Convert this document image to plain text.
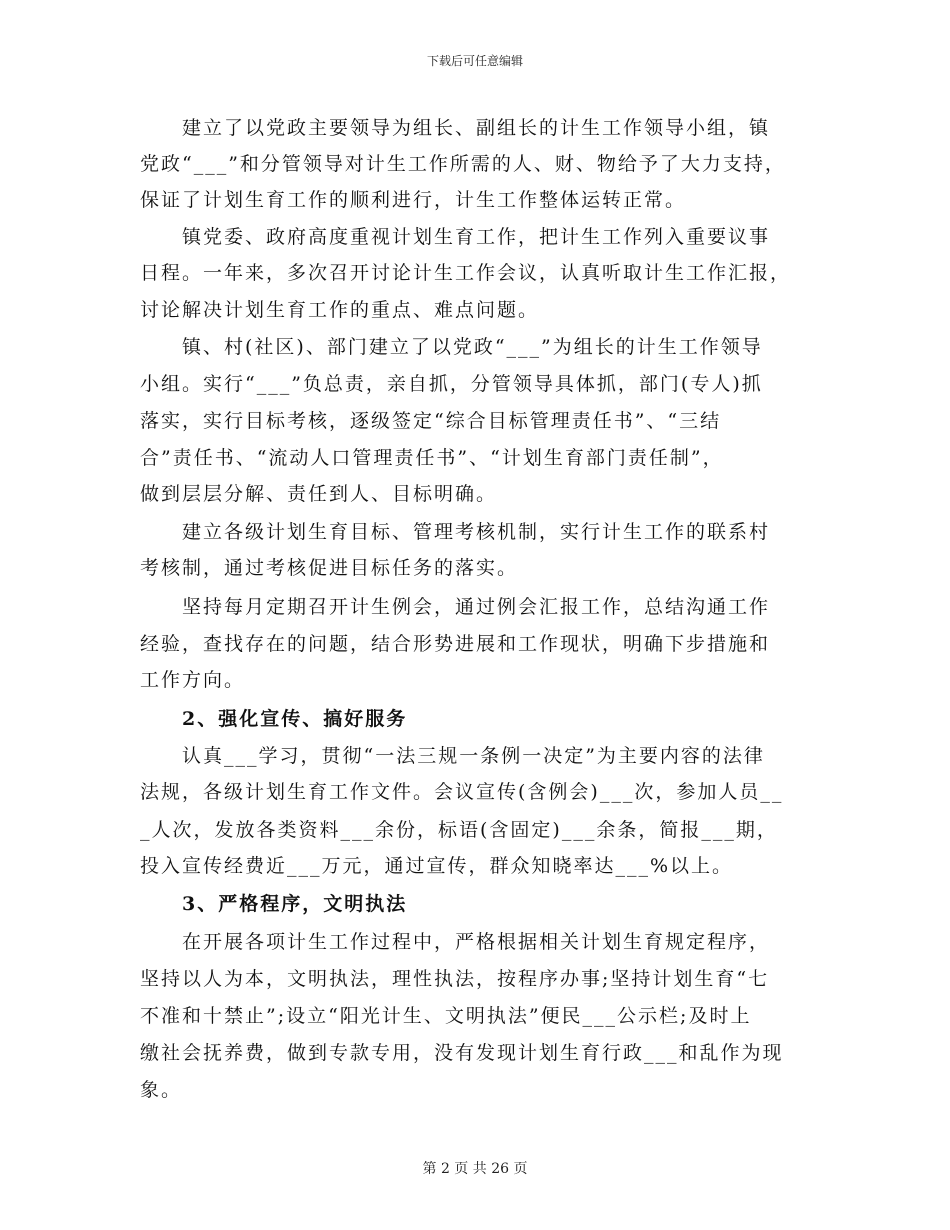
下载后可任意编辑
　　建立了以党政主要领导为组长、副组长的计生工作领导小组，镇
党政“___”和分管领导对计生工作所需的人、财、物给予了大力支持，
保证了计划生育工作的顺利进行，计生工作整体运转正常。
　　镇党委、政府高度重视计划生育工作，把计生工作列入重要议事
日程。一年来，多次召开讨论计生工作会议，认真听取计生工作汇报，
讨论解决计划生育工作的重点、难点问题。
　　镇、村(社区)、部门建立了以党政“___”为组长的计生工作领导
小组。实行“___”负总责，亲自抓，分管领导具体抓，部门(专人)抓
落实，实行目标考核，逐级签定“综合目标管理责任书”、“三结
合”责任书、“流动人口管理责任书”、“计划生育部门责任制”，
做到层层分解、责任到人、目标明确。
　　建立各级计划生育目标、管理考核机制，实行计生工作的联系村
考核制，通过考核促进目标任务的落实。
　　坚持每月定期召开计生例会，通过例会汇报工作，总结沟通工作
经验，查找存在的问题，结合形势进展和工作现状，明确下步措施和
工作方向。
　　2、强化宣传、搞好服务
　　认真___学习，贯彻“一法三规一条例一决定”为主要内容的法律
法规，各级计划生育工作文件。会议宣传(含例会)___次，参加人员__
_人次，发放各类资料___余份，标语(含固定)___余条，简报___期，
投入宣传经费近___万元，通过宣传，群众知晓率达___%以上。
　　3、严格程序，文明执法
　　在开展各项计生工作过程中，严格根据相关计划生育规定程序，
坚持以人为本，文明执法，理性执法，按程序办事;坚持计划生育“七
不准和十禁止”;设立“阳光计生、文明执法”便民___公示栏;及时上
缴社会抚养费，做到专款专用，没有发现计划生育行政___和乱作为现
象。
第 2 页 共 26 页
